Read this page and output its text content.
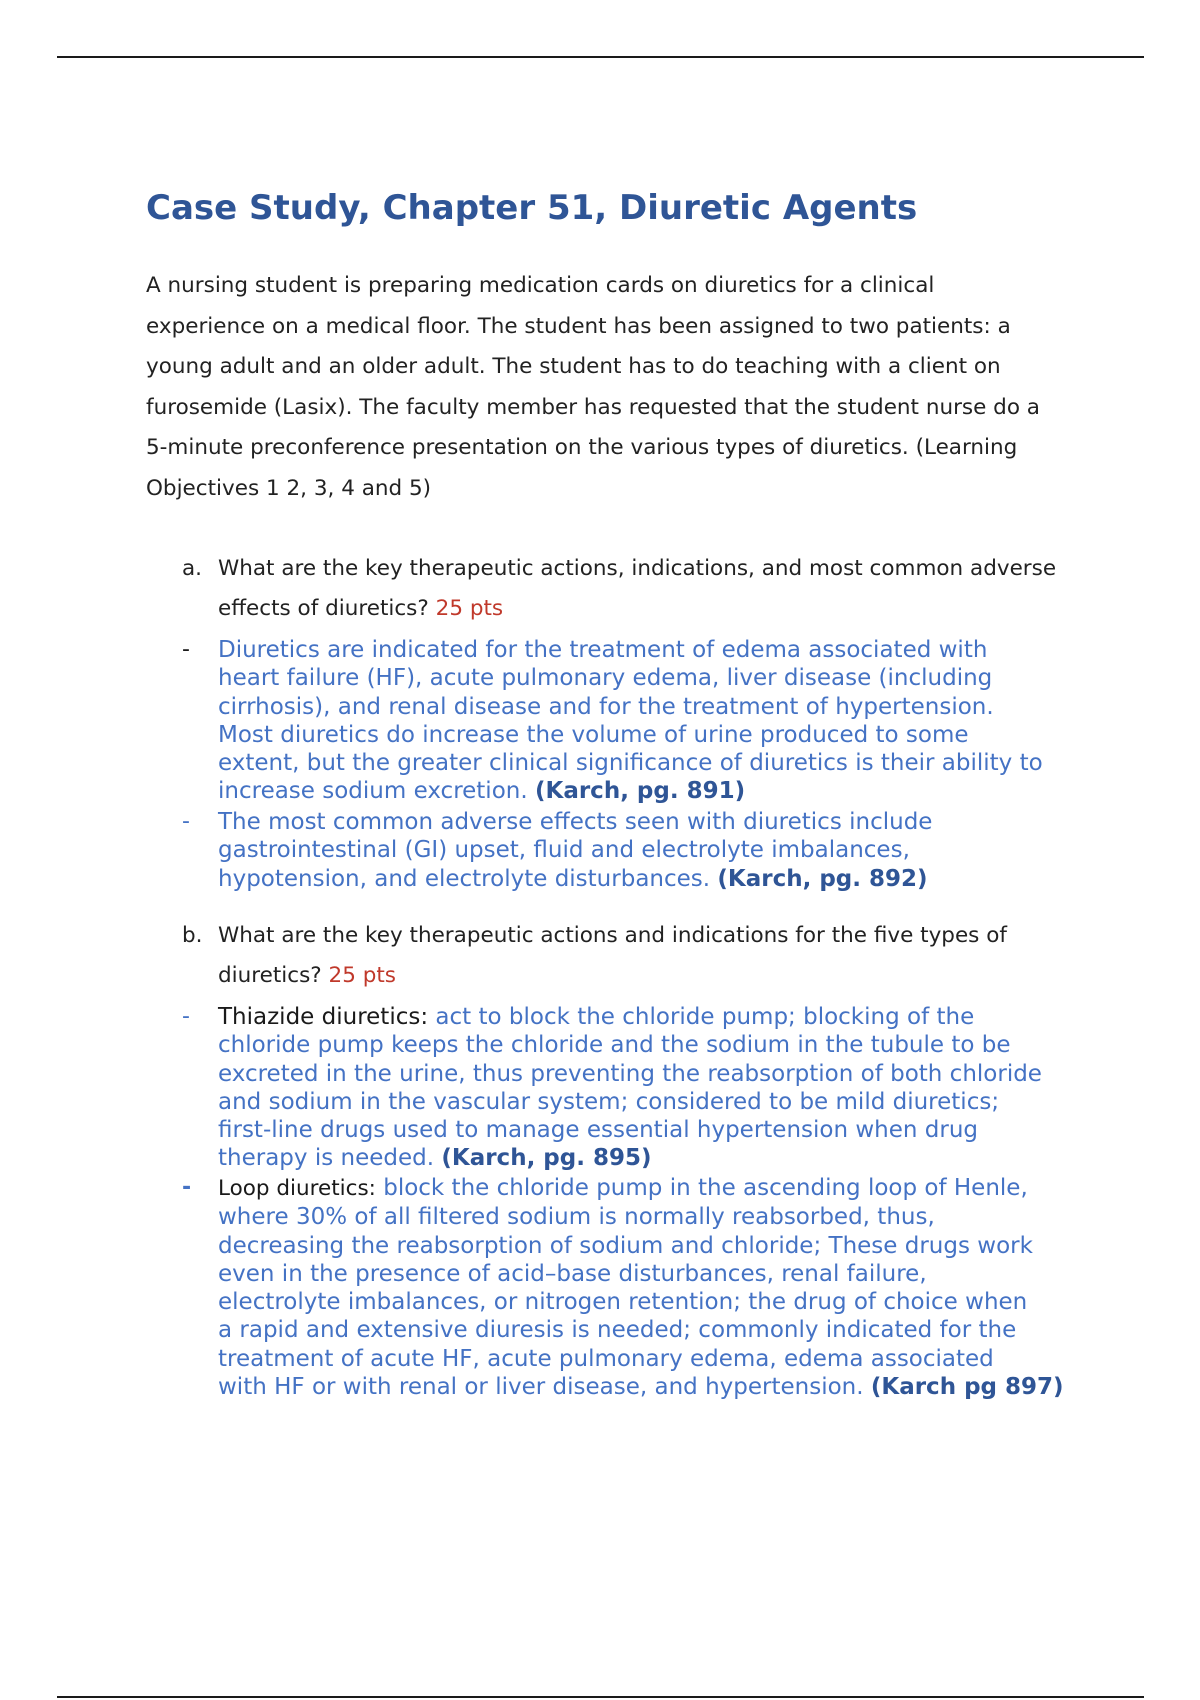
Case Study, Chapter 51, Diuretic Agents
A nursing student is preparing medication cards on diuretics for a clinical
experience on a medical floor. The student has been assigned to two patients: a
young adult and an older adult. The student has to do teaching with a client on
furosemide (Lasix). The faculty member has requested that the student nurse do a
5-minute preconference presentation on the various types of diuretics. (Learning
Objectives 1 2, 3, 4 and 5)
a. What are the key therapeutic actions, indications, and most common adverse
effects of diuretics? 25 pts
- Diuretics are indicated for the treatment of edema associated with
heart failure (HF), acute pulmonary edema, liver disease (including
cirrhosis), and renal disease and for the treatment of hypertension.
Most diuretics do increase the volume of urine produced to some
extent, but the greater clinical significance of diuretics is their ability to
increase sodium excretion. (Karch, pg. 891)
- The most common adverse effects seen with diuretics include
gastrointestinal (GI) upset, fluid and electrolyte imbalances,
hypotension, and electrolyte disturbances. (Karch, pg. 892)
b. What are the key therapeutic actions and indications for the five types of
diuretics? 25 pts
- Thiazide diuretics: act to block the chloride pump; blocking of the
chloride pump keeps the chloride and the sodium in the tubule to be
excreted in the urine, thus preventing the reabsorption of both chloride
and sodium in the vascular system; considered to be mild diuretics;
first-line drugs used to manage essential hypertension when drug
therapy is needed. (Karch, pg. 895)
- Loop diuretics: block the chloride pump in the ascending loop of Henle,
where 30% of all filtered sodium is normally reabsorbed, thus,
decreasing the reabsorption of sodium and chloride; These drugs work
even in the presence of acid–base disturbances, renal failure,
electrolyte imbalances, or nitrogen retention; the drug of choice when
a rapid and extensive diuresis is needed; commonly indicated for the
treatment of acute HF, acute pulmonary edema, edema associated
with HF or with renal or liver disease, and hypertension. (Karch pg 897)
